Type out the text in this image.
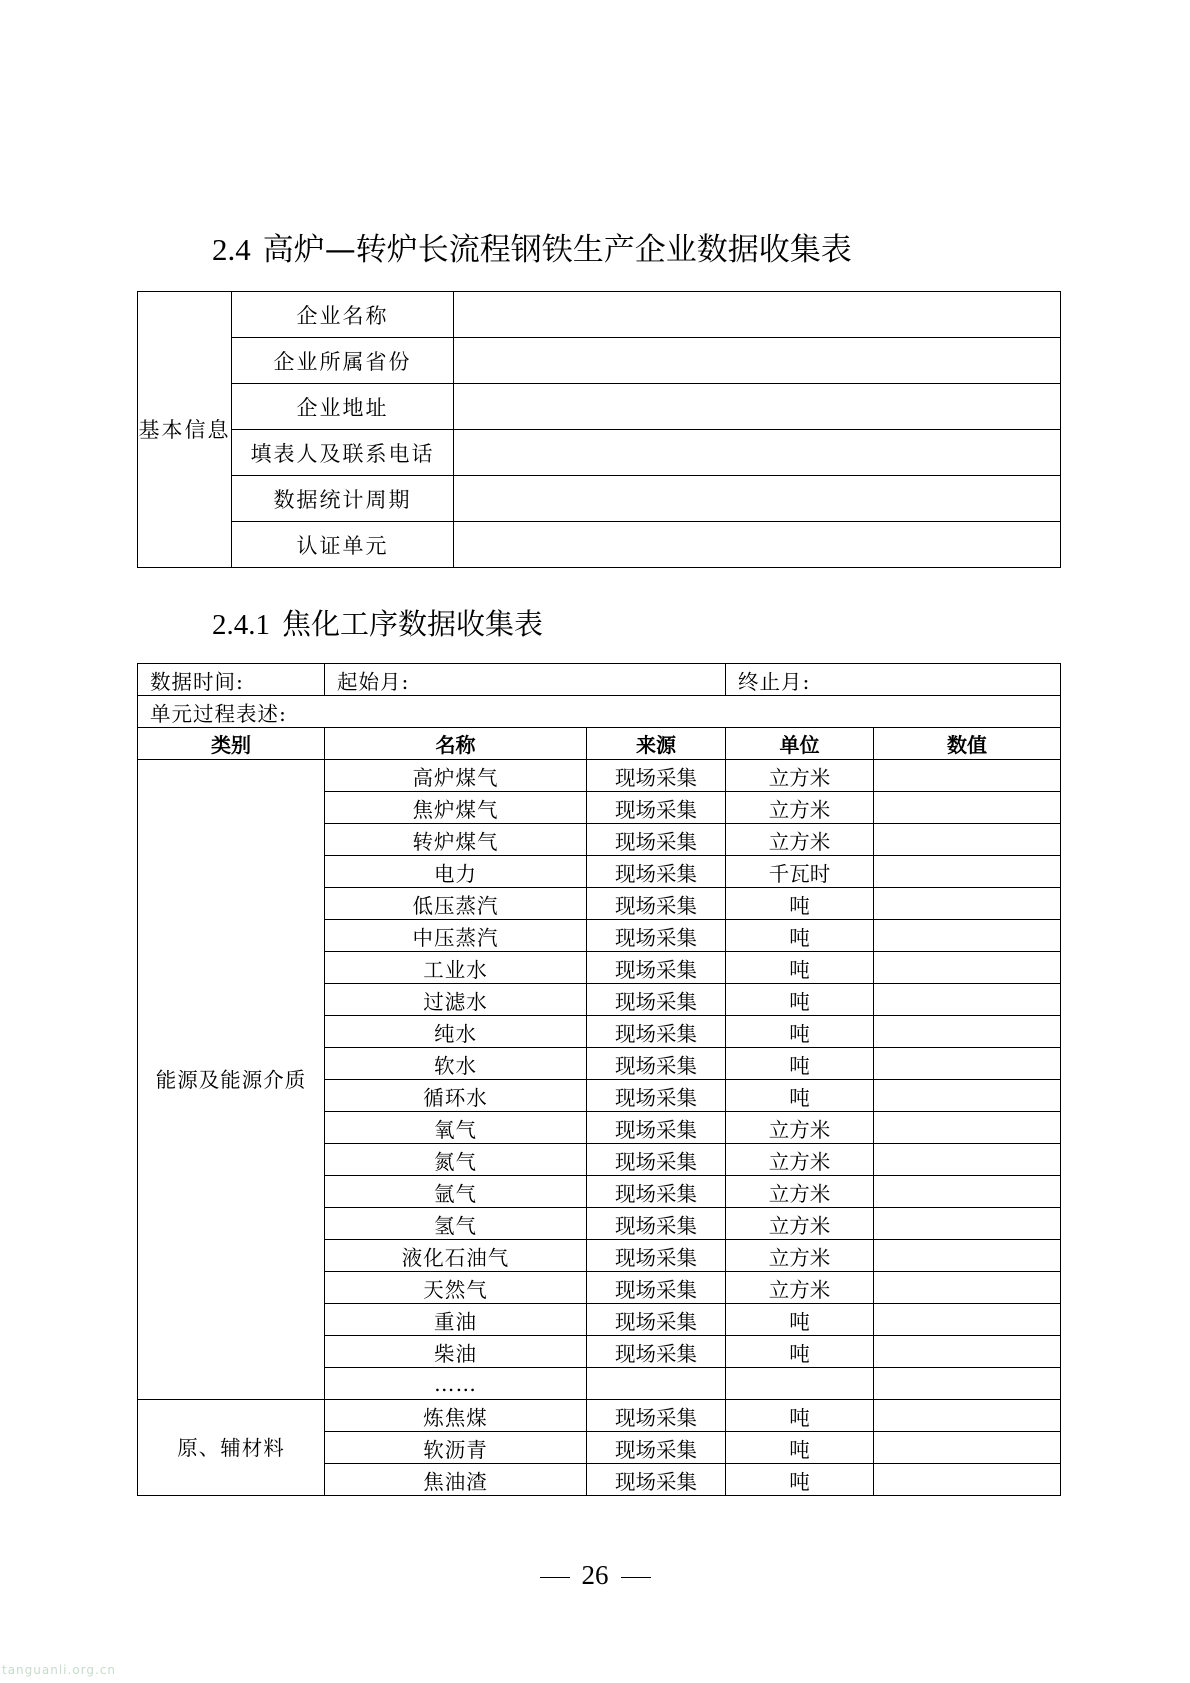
2.4 高炉—转炉长流程钢铁生产企业数据收集表
基本信息	企业名称	
	企业所属省份	
	企业地址	
	填表人及联系电话	
	数据统计周期	
	认证单元	
2.4.1 焦化工序数据收集表
数据时间:	起始月:		终止月:	
单元过程表述:				
类别	名称	来源	单位	数值
能源及能源介质	高炉煤气	现场采集	立方米	
	焦炉煤气	现场采集	立方米	
	转炉煤气	现场采集	立方米	
	电力	现场采集	千瓦时	
	低压蒸汽	现场采集	吨	
	中压蒸汽	现场采集	吨	
	工业水	现场采集	吨	
	过滤水	现场采集	吨	
	纯水	现场采集	吨	
	软水	现场采集	吨	
	循环水	现场采集	吨	
	氧气	现场采集	立方米	
	氮气	现场采集	立方米	
	氩气	现场采集	立方米	
	氢气	现场采集	立方米	
	液化石油气	现场采集	立方米	
	天然气	现场采集	立方米	
	重油	现场采集	吨	
	柴油	现场采集	吨	
	……			
原、辅材料	炼焦煤	现场采集	吨	
	软沥青	现场采集	吨	
	焦油渣	现场采集	吨	
26
tanguanli.org.cn
